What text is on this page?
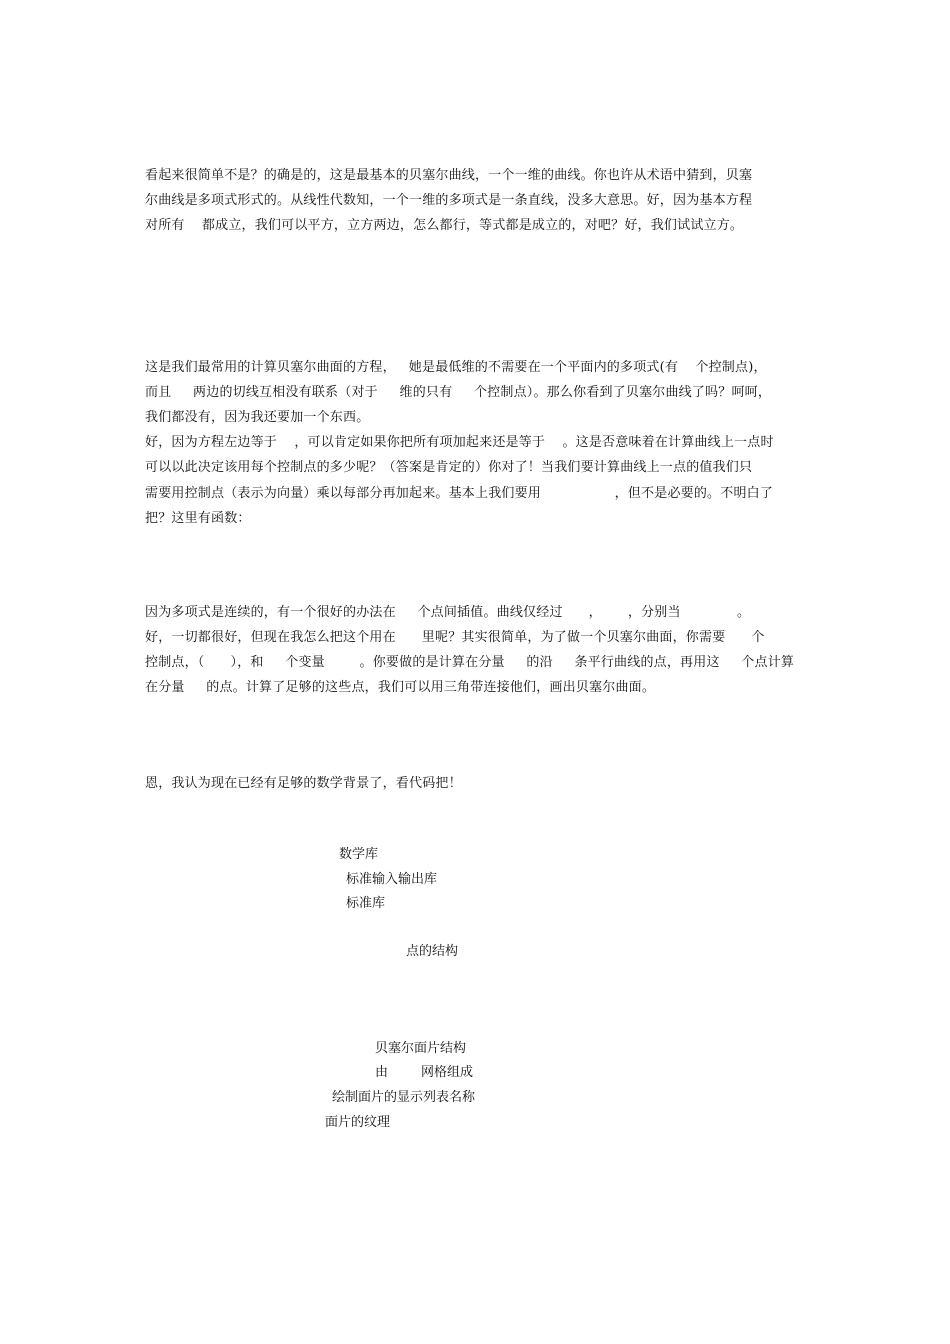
看起来很简单不是？的确是的，这是最基本的贝塞尔曲线，一个一维的曲线。你也许从术语中猜到，贝塞
尔曲线是多项式形式的。从线性代数知，一个一维的多项式是一条直线，没多大意思。好，因为基本方程
对所有    都成立，我们可以平方，立方两边，怎么都行，等式都是成立的，对吧？好，我们试试立方。
这是我们最常用的计算贝塞尔曲面的方程，   她是最低维的不需要在一个平面内的多项式(有    个控制点)，
而且     两边的切线互相没有联系（对于     维的只有     个控制点）。那么你看到了贝塞尔曲线了吗？呵呵，
我们都没有，因为我还要加一个东西。
好，因为方程左边等于    ，可以肯定如果你把所有项加起来还是等于    。这是否意味着在计算曲线上一点时
可以以此决定该用每个控制点的多少呢？（答案是肯定的）你对了！当我们要计算曲线上一点的值我们只
需要用控制点（表示为向量）乘以每部分再加起来。基本上我们要用                 ，但不是必要的。不明白了
把？这里有函数：
因为多项式是连续的，有一个很好的办法在     个点间插值。曲线仅经过      ，      ，分别当             。
好，一切都很好，但现在我怎么把这个用在      里呢？其实很简单，为了做一个贝塞尔曲面，你需要      个
控制点，（      ），和     个变量        。你要做的是计算在分量     的沿     条平行曲线的点，再用这     个点计算
在分量     的点。计算了足够的这些点，我们可以用三角带连接他们，画出贝塞尔曲面。
恩，我认为现在已经有足够的数学背景了，看代码把！
数学库
标准输入输出库
标准库
点的结构
贝塞尔面片结构
由        网格组成
绘制面片的显示列表名称
面片的纹理
